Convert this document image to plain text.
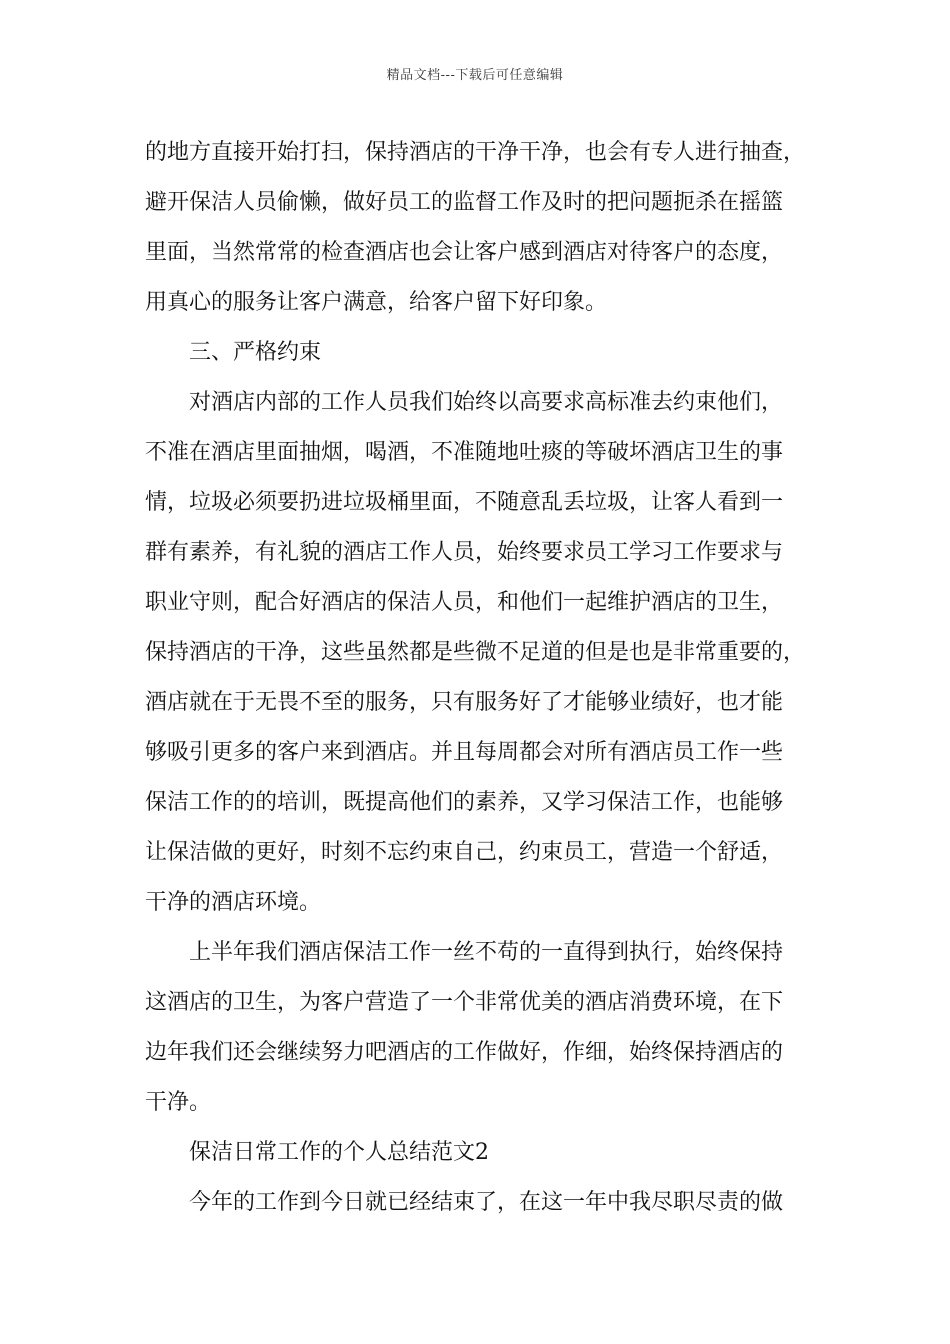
精品文档---下载后可任意编辑
的地方直接开始打扫，保持酒店的干净干净，也会有专人进行抽查，
避开保洁人员偷懒，做好员工的监督工作及时的把问题扼杀在摇篮
里面，当然常常的检查酒店也会让客户感到酒店对待客户的态度，
用真心的服务让客户满意，给客户留下好印象。
三、严格约束
对酒店内部的工作人员我们始终以高要求高标准去约束他们，
不准在酒店里面抽烟，喝酒，不准随地吐痰的等破坏酒店卫生的事
情，垃圾必须要扔进垃圾桶里面，不随意乱丢垃圾，让客人看到一
群有素养，有礼貌的酒店工作人员，始终要求员工学习工作要求与
职业守则，配合好酒店的保洁人员，和他们一起维护酒店的卫生，
保持酒店的干净，这些虽然都是些微不足道的但是也是非常重要的，
酒店就在于无畏不至的服务，只有服务好了才能够业绩好，也才能
够吸引更多的客户来到酒店。并且每周都会对所有酒店员工作一些
保洁工作的的培训，既提高他们的素养，又学习保洁工作，也能够
让保洁做的更好，时刻不忘约束自己，约束员工，营造一个舒适，
干净的酒店环境。
上半年我们酒店保洁工作一丝不苟的一直得到执行，始终保持
这酒店的卫生，为客户营造了一个非常优美的酒店消费环境，在下
边年我们还会继续努力吧酒店的工作做好，作细，始终保持酒店的
干净。
保洁日常工作的个人总结范文2
今年的工作到今日就已经结束了，在这一年中我尽职尽责的做
